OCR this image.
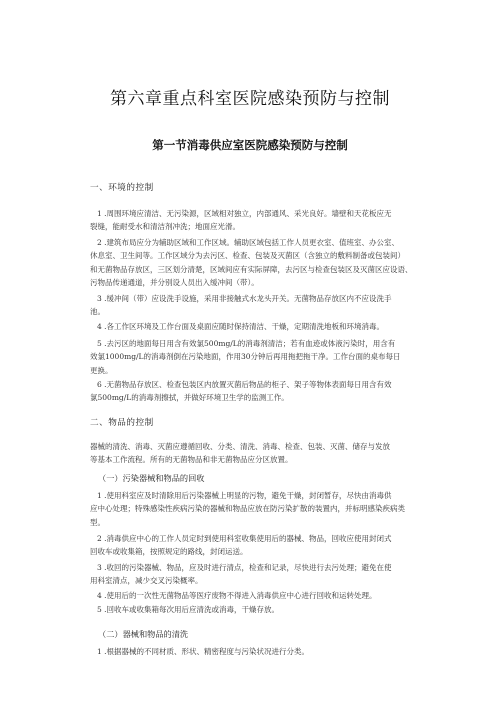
第六章重点科室医院感染预防与控制
第一节消毒供应室医院感染预防与控制
一、环境的控制
1 .周围环境应清洁、无污染源，区域相对独立，内部通风、采光良好。墙壁和天花板应无
裂缝，能耐受水和清洁剂冲洗；地面应光滑。
2 .建筑布局应分为辅助区域和工作区域。辅助区域包括工作人员更衣室、值班室、办公室、
休息室、卫生间等。工作区域分为去污区、检查、包装及灭菌区（含独立的敷料制备或包装间）
和无菌物品存放区，三区划分清楚，区域间应有实际屏障，去污区与检查包装区及灭菌区应设语、
污物品传递通道，并分别设人员出入缓冲间（带）。
3 .缓冲间（带）应设洗手设施，采用非接触式水龙头开关。无菌物品存放区内不应设洗手
池。
4 .各工作区环境及工作台面及桌面应随时保持清洁、干燥，定期清洗地板和环境消毒。
5 .去污区的地面每日用含有效氯500mg/L的消毒剂清洁；若有血迹或体液污染时，用含有
效氯1000mg/L的消毒剂倒在污染地面，作用30分钟后再用拖把拖干净。工作台面的桌布每日
更换。
6 .无菌物品存放区、检查包装区内放置灭菌后物品的柜子、架子等物体表面每日用含有效
氯500mg/L的消毒剂擦拭，并做好环境卫生学的监测工作。
二、物品的控制
器械的清洗、消毒、灭菌应遵循回收、分类、清洗、消毒、检查、包装、灭菌、储存与发放
等基本工作流程。所有的无菌物品和非无菌物品应分区放置。
（一）污染器械和物品的回收
1 .使用科室应及时清除用后污染器械上明显的污物，避免干燥，封闭暂存，尽快由消毒供
应中心处理；特殊感染性疾病污染的器械和物品应放在防污染扩散的装置内，并标明感染疾病类
型。
2 .消毒供应中心的工作人员定时到使用科室收集使用后的器械、物品，回收应使用封闭式
回收车或收集箱，按照规定的路线，封闭运送。
3 .收回的污染器械、物品，应及时进行清点，检查和记录，尽快进行去污处理；避免在使
用科室清点，减少交叉污染概率。
4 .使用后的一次性无菌物品等医疗废物不得进入消毒供应中心进行回收和运转处理。
5 .回收车或收集箱每次用后应清洗或消毒，干燥存放。
（二）器械和物品的清洗
1 .根据器械的不同材质、形状、精密程度与污染状况进行分类。
